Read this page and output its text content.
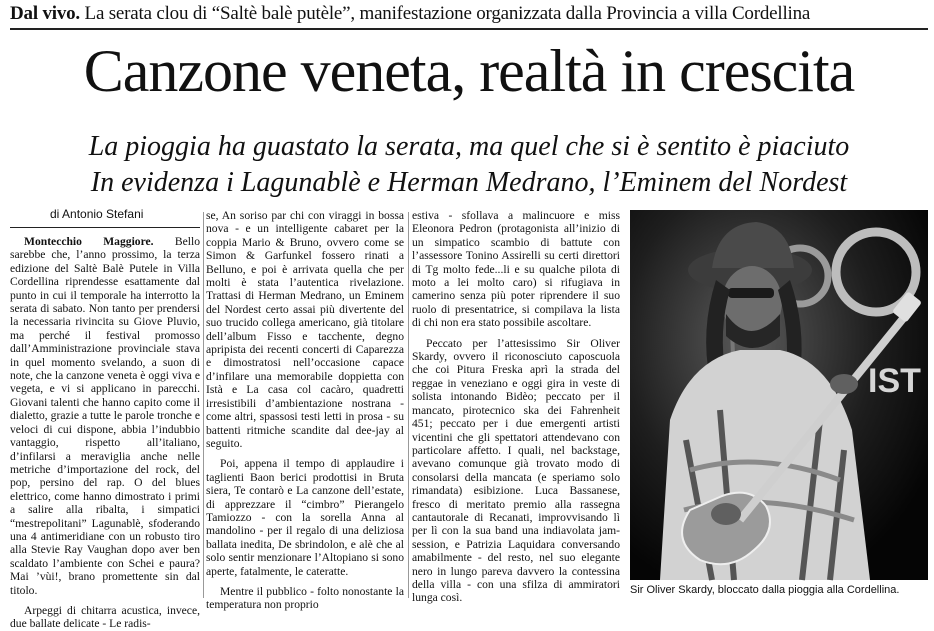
Dal vivo. La serata clou di “Saltè balè putèle”, manifestazione organizzata dalla Provincia a villa Cordellina
Canzone veneta, realtà in crescita
La pioggia ha guastato la serata, ma quel che si è sentito è piaciuto
In evidenza i Lagunablè e Herman Medrano, l’Eminem del Nordest
di Antonio Stefani

Montecchio Maggiore. Bello sarebbe che, l’anno prossimo, la terza edizione del Saltè Balè Putele in Villa Cordellina riprendesse esattamente dal punto in cui il temporale ha interrotto la serata di sabato. Non tanto per prendersi la necessaria rivincita su Giove Pluvio, ma perché il festival promosso dall’Amministrazione provinciale stava in quel momento svelando, a suon di note, che la canzone veneta è oggi viva e vegeta, e vi si applicano in parecchi. Giovani talenti che hanno capito come il dialetto, grazie a tutte le parole tronche e veloci di cui dispone, abbia l’indubbio vantaggio, rispetto all’italiano, d’infilarsi a meraviglia anche nelle metriche d’importazione del rock, del pop, persino del rap. O del blues elettrico, come hanno dimostrato i primi a salire alla ribalta, i simpatici “mestrepolitani” Lagunablè, sfoderando una 4 antimeridiane con un robusto tiro alla Stevie Ray Vaughan dopo aver ben scaldato l’ambiente con Schei e paura? Mai ’vùi!, brano promettente sin dal titolo.

Arpeggi di chitarra acustica, invece, due ballate delicate - Le radis-

se, An soriso par chi con viraggi in bossa nova - e un intelligente cabaret per la coppia Mario & Bruno, ovvero come se Simon & Garfunkel fossero rinati a Belluno, e poi è arrivata quella che per molti è stata l’autentica rivelazione. Trattasi di Herman Medrano, un Eminem del Nordest certo assai più divertente del suo trucido collega americano, già titolare dell’album Fisso e tacchente, degno apripista dei recenti concerti di Caparezza e dimostratosi nell’occasione capace d’infilare una memorabile doppietta con Istà e La casa col cacàro, quadretti irresistibili d’ambientazione nostrana - come altri, spassosi testi letti in prosa - su battenti ritmiche scandite dal dee-jay al seguito.

Poi, appena il tempo di applaudire i taglienti Baon berici prodottisi in Bruta siera, Te contarò e La canzone dell’estate, di apprezzare il “cimbro” Pierangelo Tamiozzo - con la sorella Anna al mandolino - per il regalo di una deliziosa ballata inedita, De sbrindolon, e alè che al solo sentir menzionare l’Altopiano si sono aperte, fatalmente, le cateratte.

Mentre il pubblico - folto nonostante la temperatura non proprio

estiva - sfollava a malincuore e miss Eleonora Pedron (protagonista all’inizio di un simpatico scambio di battute con l’assessore Tonino Assirelli su certi direttori di Tg molto fede...li e su qualche pilota di moto a lei molto caro) si rifugiava in camerino senza più poter riprendere il suo ruolo di presentatrice, si compilava la lista di chi non era stato possibile ascoltare.

Peccato per l’attesissimo Sir Oliver Skardy, ovvero il riconosciuto caposcuola che coi Pitura Freska aprì la strada del reggae in veneziano e oggi gira in veste di solista intonando Bidèo; peccato per il mancato, pirotecnico ska dei Fahrenheit 451; peccato per i due emergenti artisti vicentini che gli spettatori attendevano con particolare affetto. I quali, nel backstage, avevano comunque già trovato modo di consolarsi della mancata (e speriamo solo rimandata) esibizione. Luca Bassanese, fresco di meritato premio alla rassegna cantautorale di Recanati, improvvisando lì per lì con la sua band una indiavolata jam-session, e Patrizia Laquidara conversando amabilmente - del resto, nel suo elegante nero in lungo pareva davvero la contessina della villa - con una sfilza di ammiratori lunga così.

IST
Sir Oliver Skardy, bloccato dalla pioggia alla Cordellina.
